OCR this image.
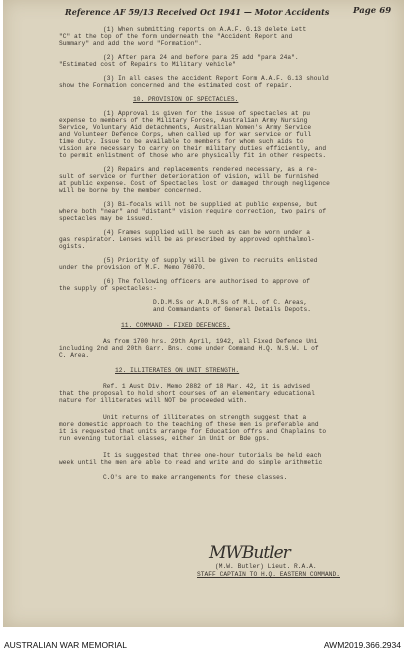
Reference AF 59/13 Received Oct 1941 — Motor Accidents	Page 69
(1) When submitting reports on A.A.F. G.13 delete Lett
"C" at the top of the form underneath the "Accident Report and
Summary" and add the word "Formation".
(2) After para 24 and before para 25 add "para 24a".
"Estimated cost of Repairs to Military vehicle"
(3) In all cases the accident Report Form A.A.F. G.13 should
show the Formation concerned and the estimated cost of repair.
10. PROVISION OF SPECTACLES.
(1) Approval is given for the issue of spectacles at pu
expense to members of the Military Forces, Australian Army Nursing
Service, Voluntary Aid detachments, Australian Women's Army Service
and Volunteer Defence Corps, when called up for war service or full
time duty. Issue to be available to members for whom such aids to
vision are necessary to carry on their military duties efficiently, and
to permit enlistment of those who are physically fit in other respects.
(2) Repairs and replacements rendered necessary, as a re-
sult of service or further deterioration of vision, will be furnished
at public expense. Cost of Spectacles lost or damaged through negligence
will be borne by the member concerned.
(3) Bi-focals will not be supplied at public expense, but
where both "near" and "distant" vision require correction, two pairs of
spectacles may be issued.
(4) Frames supplied will be such as can be worn under a
gas respirator. Lenses will be as prescribed by approved ophthalmol-
ogists.
(5) Priority of supply will be given to recruits enlisted
under the provision of M.F. Memo 76070.
(6) The following officers are authorised to approve of
the supply of spectacles:-
D.D.M.Ss or A.D.M.Ss of M.L. of C. Areas,
and Commandants of General Details Depots.
11. COMMAND - FIXED DEFENCES.
As from 1700 hrs. 29th April, 1942, all Fixed Defence Uni
including 2nd and 20th Garr. Bns. come under Command H.Q. N.S.W. L of
C. Area.
12. ILLITERATES ON UNIT STRENGTH.
Ref. 1 Aust Div. Memo 2882 of 18 Mar. 42, it is advised
that the proposal to hold short courses of an elementary educational
nature for illiterates will NOT be proceeded with.
Unit returns of illiterates on strength suggest that a
more domestic approach to the teaching of these men is preferable and
it is requested that units arrange for Education offrs and Chaplains to
run evening tutorial classes, either in Unit or Bde gps.
It is suggested that three one-hour tutorials be held each
week until the men are able to read and write and do simple arithmetic
C.O's are to make arrangements for these classes.
MWButler
(M.W. Butler) Lieut. R.A.A.
STAFF CAPTAIN TO H.Q. EASTERN COMMAND.
AUSTRALIAN WAR MEMORIAL	AWM2019.366.2934
